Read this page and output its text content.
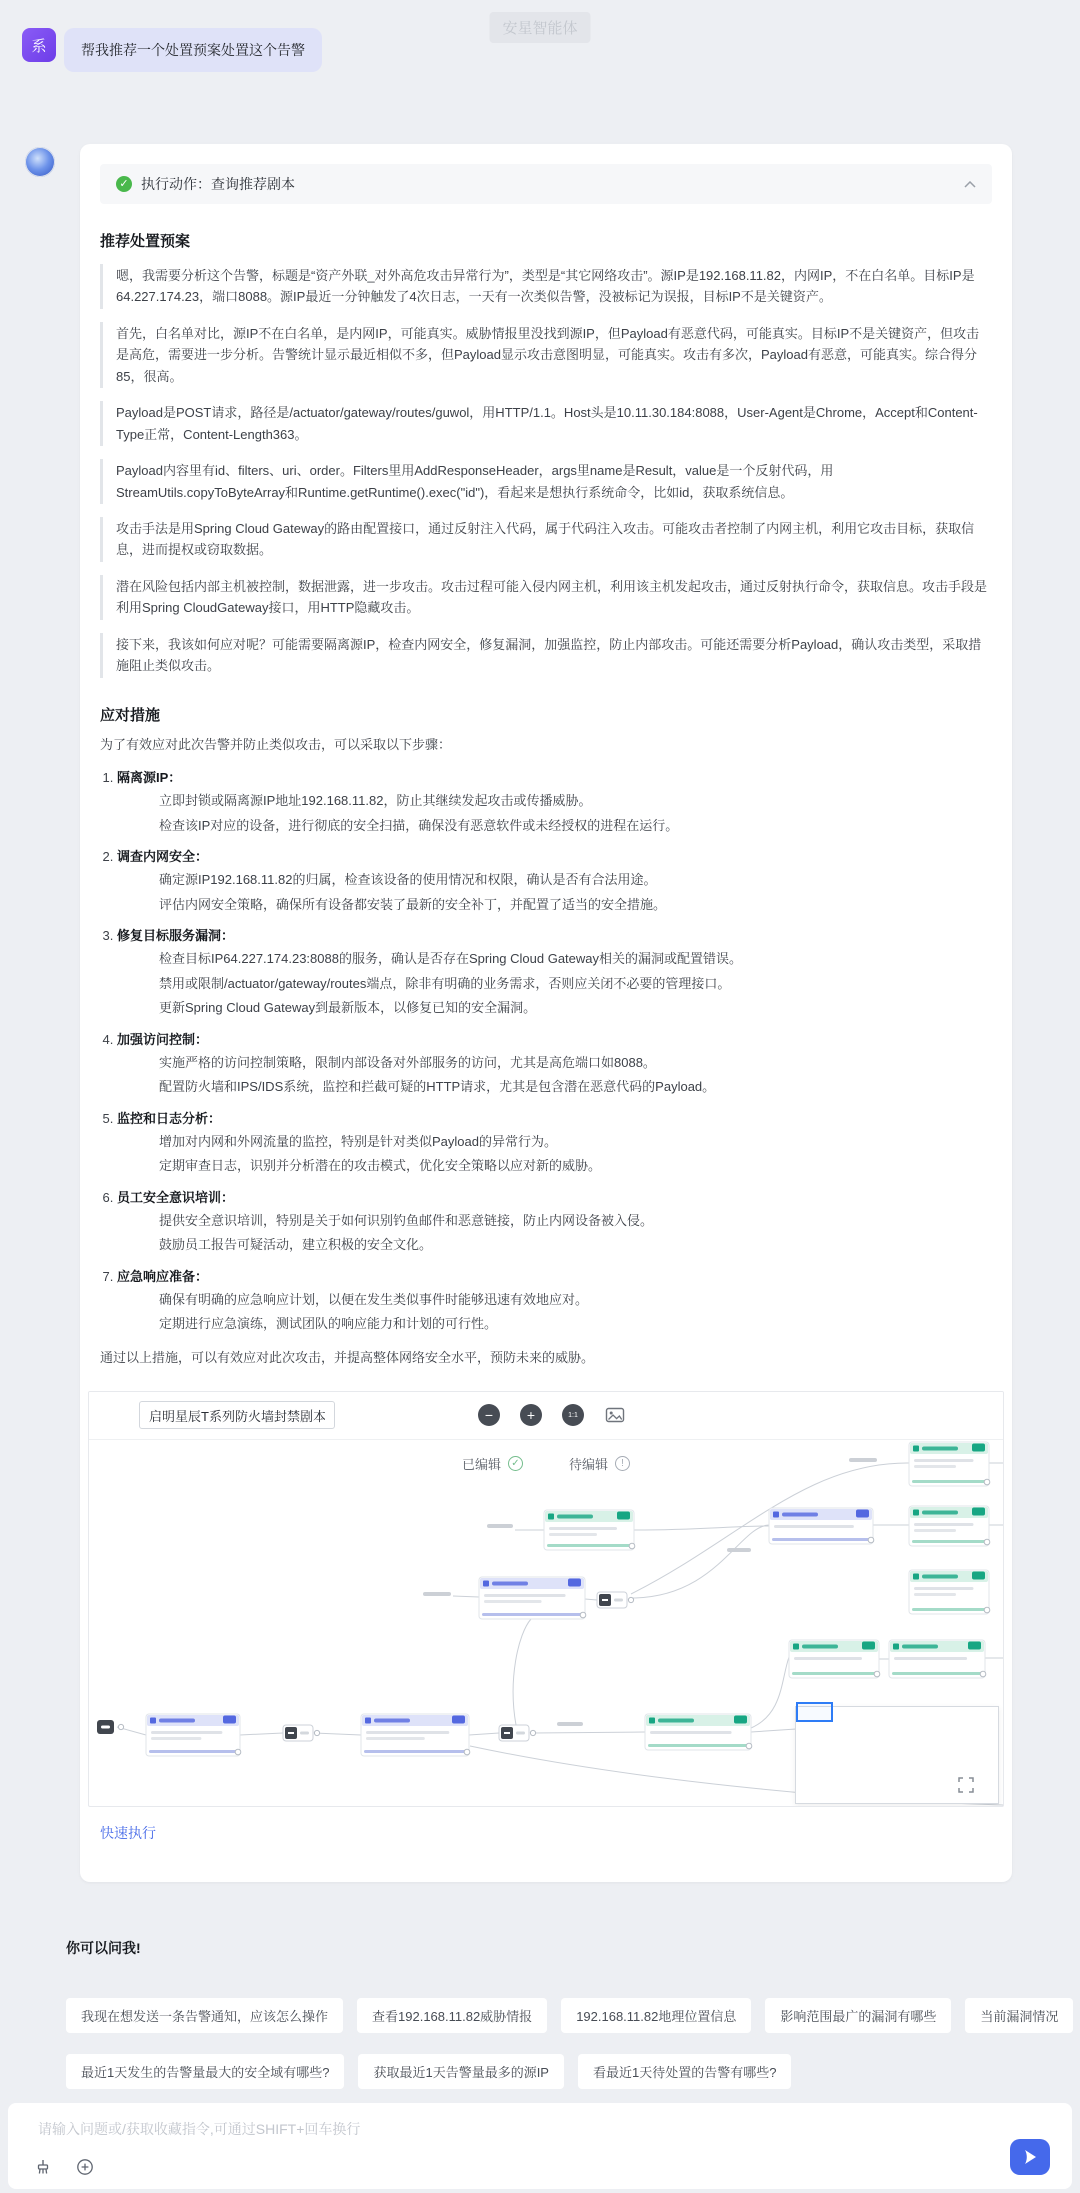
安星智能体
系	帮我推荐一个处置预案处置这个告警
✓ 执行动作：查询推荐剧本
推荐处置预案
嗯，我需要分析这个告警，标题是“资产外联_对外高危攻击异常行为”，类型是“其它网络攻击”。源IP是192.168.11.82，内网IP，不在白名单。目标IP是64.227.174.23，端口8088。源IP最近一分钟触发了4次日志，一天有一次类似告警，没被标记为误报，目标IP不是关键资产。
首先，白名单对比，源IP不在白名单，是内网IP，可能真实。威胁情报里没找到源IP，但Payload有恶意代码，可能真实。目标IP不是关键资产，但攻击是高危，需要进一步分析。告警统计显示最近相似不多，但Payload显示攻击意图明显，可能真实。攻击有多次，Payload有恶意，可能真实。综合得分85，很高。
Payload是POST请求，路径是/actuator/gateway/routes/guwol，用HTTP/1.1。Host头是10.11.30.184:8088，User-Agent是Chrome，Accept和Content-Type正常，Content-Length363。
Payload内容里有id、filters、uri、order。Filters里用AddResponseHeader，args里name是Result，value是一个反射代码，用StreamUtils.copyToByteArray和Runtime.getRuntime().exec("id")，看起来是想执行系统命令，比如id，获取系统信息。
攻击手法是用Spring Cloud Gateway的路由配置接口，通过反射注入代码，属于代码注入攻击。可能攻击者控制了内网主机，利用它攻击目标，获取信息，进而提权或窃取数据。
潜在风险包括内部主机被控制，数据泄露，进一步攻击。攻击过程可能入侵内网主机，利用该主机发起攻击，通过反射执行命令，获取信息。攻击手段是利用Spring CloudGateway接口，用HTTP隐藏攻击。
接下来，我该如何应对呢？可能需要隔离源IP，检查内网安全，修复漏洞，加强监控，防止内部攻击。可能还需要分析Payload，确认攻击类型，采取措施阻止类似攻击。
应对措施
为了有效应对此次告警并防止类似攻击，可以采取以下步骤：
1. 隔离源IP：
立即封锁或隔离源IP地址192.168.11.82，防止其继续发起攻击或传播威胁。
检查该IP对应的设备，进行彻底的安全扫描，确保没有恶意软件或未经授权的进程在运行。
2. 调查内网安全：
确定源IP192.168.11.82的归属，检查该设备的使用情况和权限，确认是否有合法用途。
评估内网安全策略，确保所有设备都安装了最新的安全补丁，并配置了适当的安全措施。
3. 修复目标服务漏洞：
检查目标IP64.227.174.23:8088的服务，确认是否存在Spring Cloud Gateway相关的漏洞或配置错误。
禁用或限制/actuator/gateway/routes端点，除非有明确的业务需求，否则应关闭不必要的管理接口。
更新Spring Cloud Gateway到最新版本，以修复已知的安全漏洞。
4. 加强访问控制：
实施严格的访问控制策略，限制内部设备对外部服务的访问，尤其是高危端口如8088。
配置防火墙和IPS/IDS系统，监控和拦截可疑的HTTP请求，尤其是包含潜在恶意代码的Payload。
5. 监控和日志分析：
增加对内网和外网流量的监控，特别是针对类似Payload的异常行为。
定期审查日志，识别并分析潜在的攻击模式，优化安全策略以应对新的威胁。
6. 员工安全意识培训：
提供安全意识培训，特别是关于如何识别钓鱼邮件和恶意链接，防止内网设备被入侵。
鼓励员工报告可疑活动，建立积极的安全文化。
7. 应急响应准备：
确保有明确的应急响应计划，以便在发生类似事件时能够迅速有效地应对。
定期进行应急演练，测试团队的响应能力和计划的可行性。
通过以上措施，可以有效应对此次攻击，并提高整体网络安全水平，预防未来的威胁。
启明星辰T系列防火墙封禁剧本
−	+	1:1
已编辑	✓	待编辑	!
快速执行
你可以问我!
我现在想发送一条告警通知，应该怎么操作	查看192.168.11.82威胁情报	192.168.11.82地理位置信息	影响范围最广的漏洞有哪些	当前漏洞情况
最近1天发生的告警量最大的安全域有哪些?	获取最近1天告警量最多的源IP	看最近1天待处置的告警有哪些?
请输入问题或/获取收藏指令,可通过SHIFT+回车换行
